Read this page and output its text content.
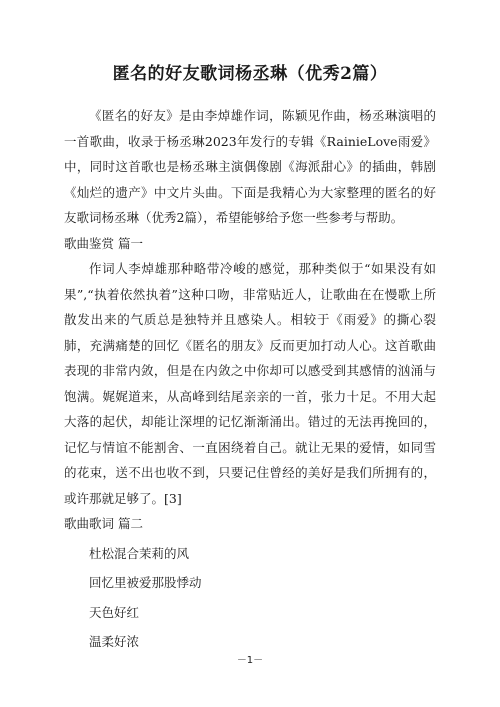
匿名的好友歌词杨丞琳（优秀2篇）

《匿名的好友》是由李焯雄作词，陈颖见作曲，杨丞琳演唱的一首歌曲，收录于杨丞琳2023年发行的专辑《RainieLove雨爱》中，同时这首歌也是杨丞琳主演偶像剧《海派甜心》的插曲，韩剧《灿烂的遗产》中文片头曲。下面是我精心为大家整理的匿名的好友歌词杨丞琳（优秀2篇），希望能够给予您一些参考与帮助。

歌曲鉴赏 篇一

作词人李焯雄那种略带冷峻的感觉，那种类似于“如果没有如果”,“执着依然执着”这种口吻，非常贴近人，让歌曲在在慢歌上所散发出来的气质总是独特并且感染人。相较于《雨爱》的撕心裂肺，充满痛楚的回忆《匿名的朋友》反而更加打动人心。这首歌曲表现的非常内敛，但是在内敛之中你却可以感受到其感情的汹涌与饱满。娓娓道来，从高峰到结尾亲亲的一首，张力十足。不用大起大落的起伏，却能让深埋的记忆渐渐涌出。错过的无法再挽回的，记忆与情谊不能割舍、一直困绕着自己。就让无果的爱情，如同雪的花束，送不出也收不到，只要记住曾经的美好是我们所拥有的，或许那就足够了。[3]

歌曲歌词 篇二

杜松混合茉莉的风

回忆里被爱那股悸动

天色好红

温柔好浓

－1－
